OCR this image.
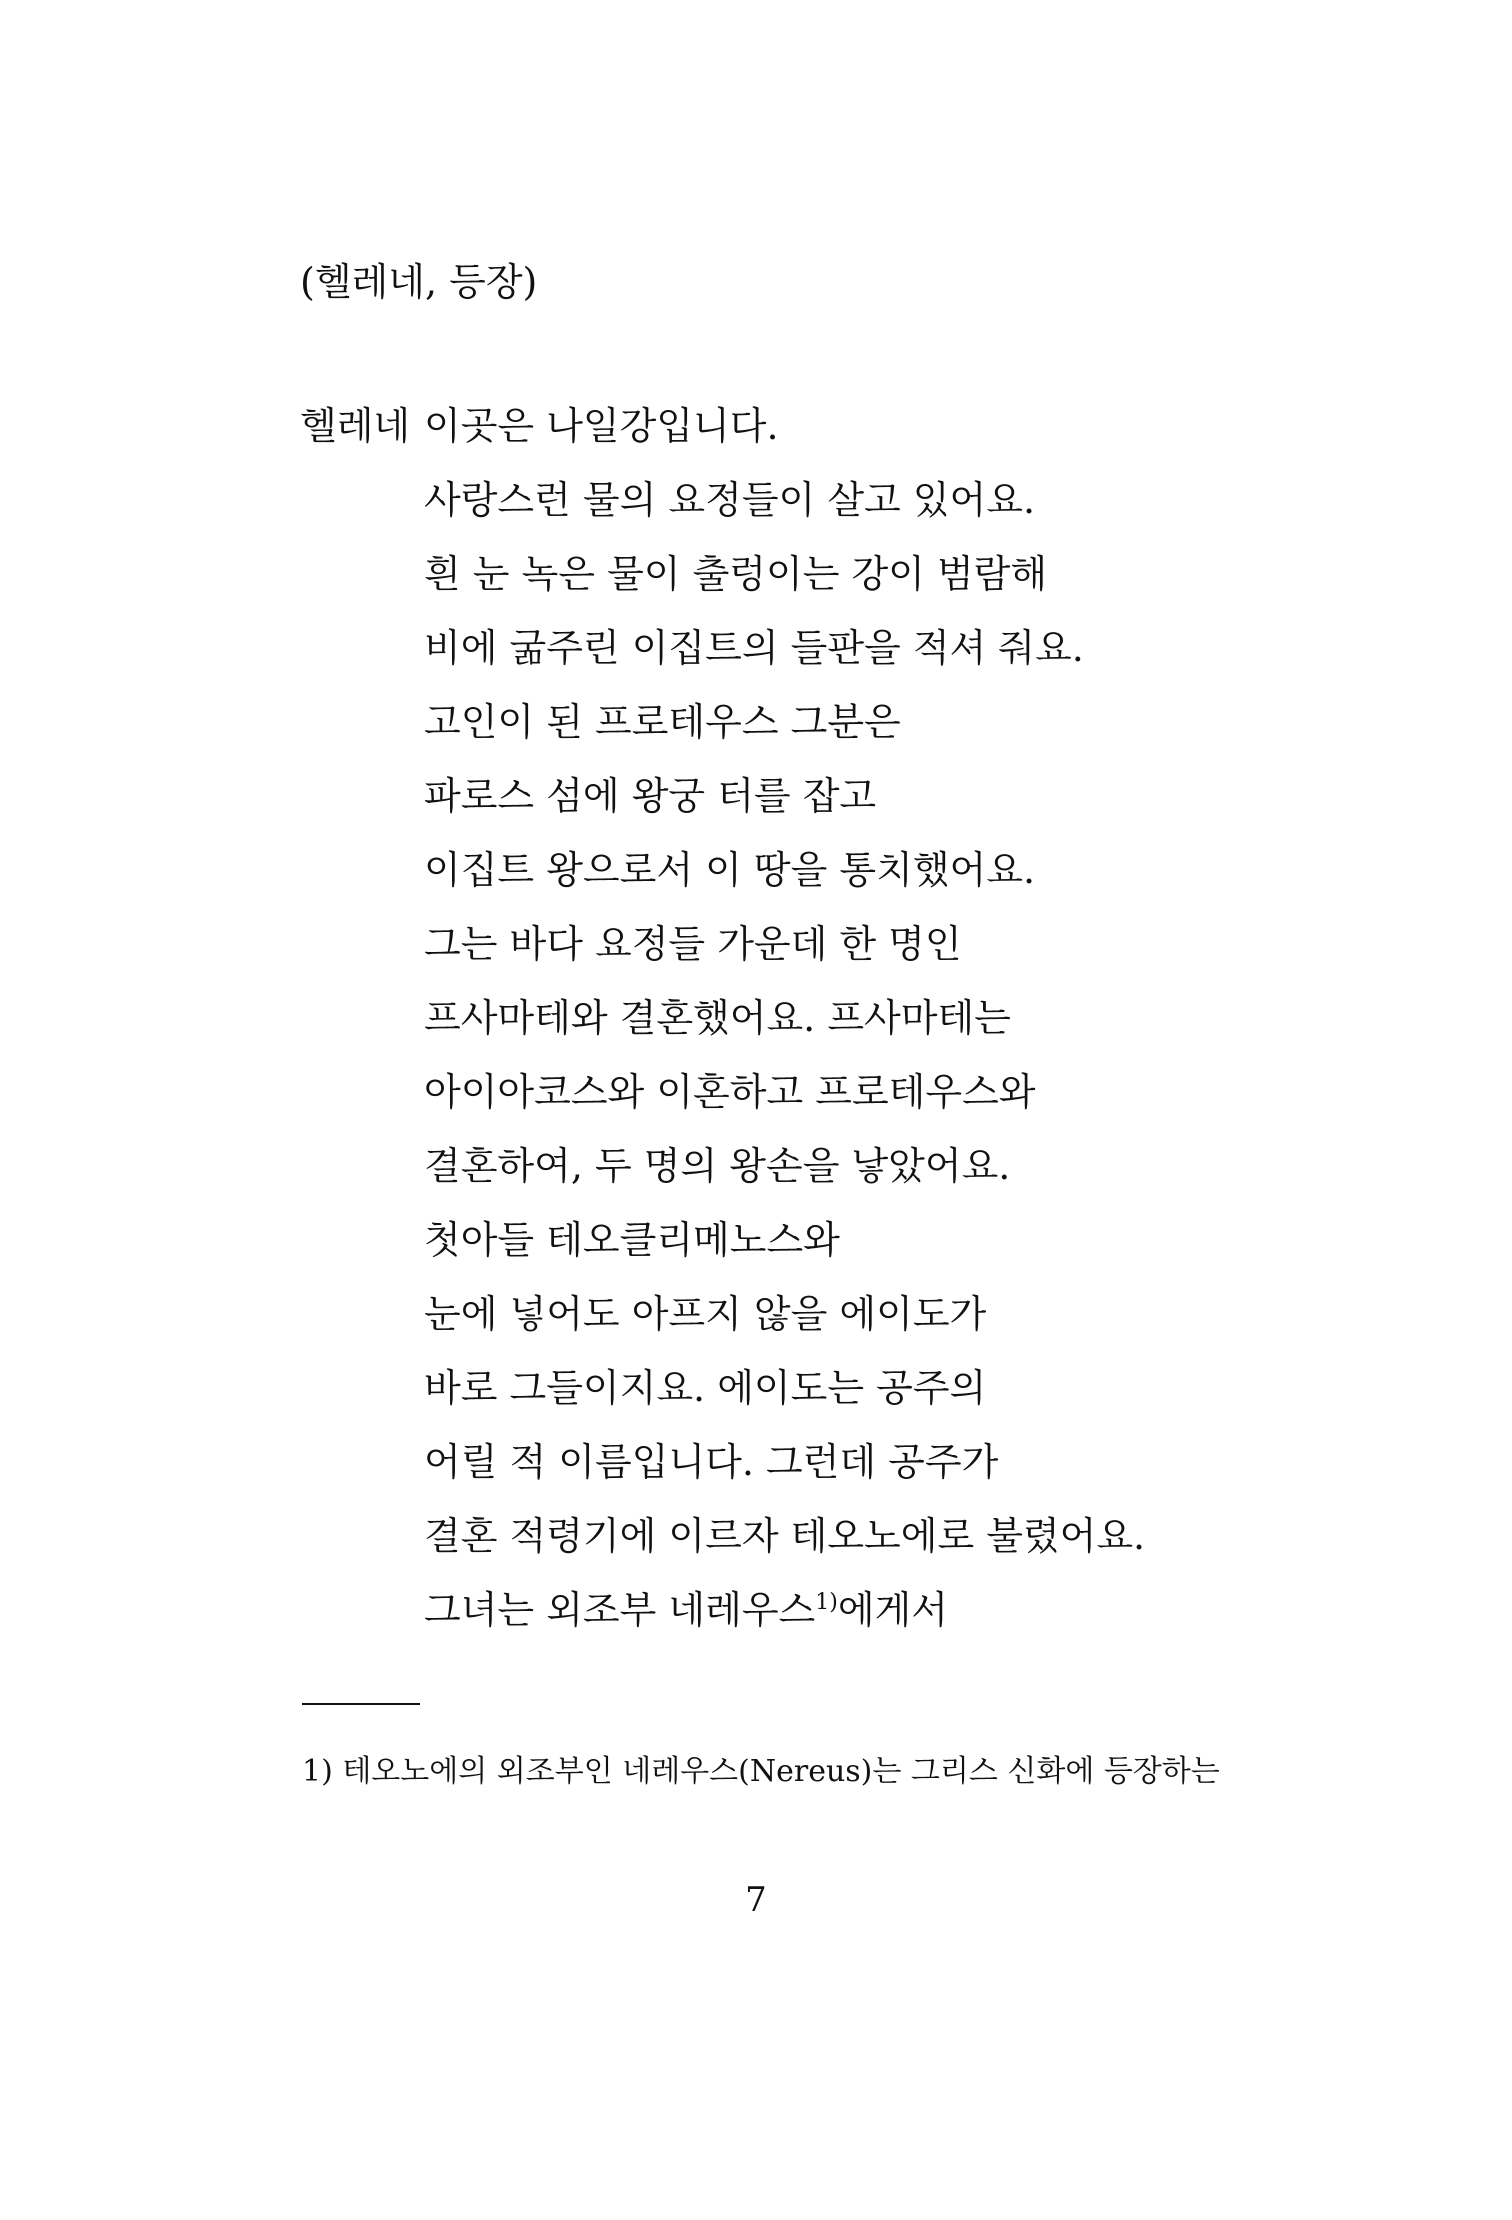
(헬레네, 등장)
헬레네 이곳은 나일강입니다.
사랑스런 물의 요정들이 살고 있어요.
흰 눈 녹은 물이 출렁이는 강이 범람해
비에 굶주린 이집트의 들판을 적셔 줘요.
고인이 된 프로테우스 그분은
파로스 섬에 왕궁 터를 잡고
이집트 왕으로서 이 땅을 통치했어요.
그는 바다 요정들 가운데 한 명인
프사마테와 결혼했어요. 프사마테는
아이아코스와 이혼하고 프로테우스와
결혼하여, 두 명의 왕손을 낳았어요.
첫아들 테오클리메노스와
눈에 넣어도 아프지 않을 에이도가
바로 그들이지요. 에이도는 공주의
어릴 적 이름입니다. 그런데 공주가
결혼 적령기에 이르자 테오노에로 불렸어요.
그녀는 외조부 네레우스$^{1)}$에게서
1) 테오노에의 외조부인 네레우스(Nereus)는 그리스 신화에 등장하는
7
